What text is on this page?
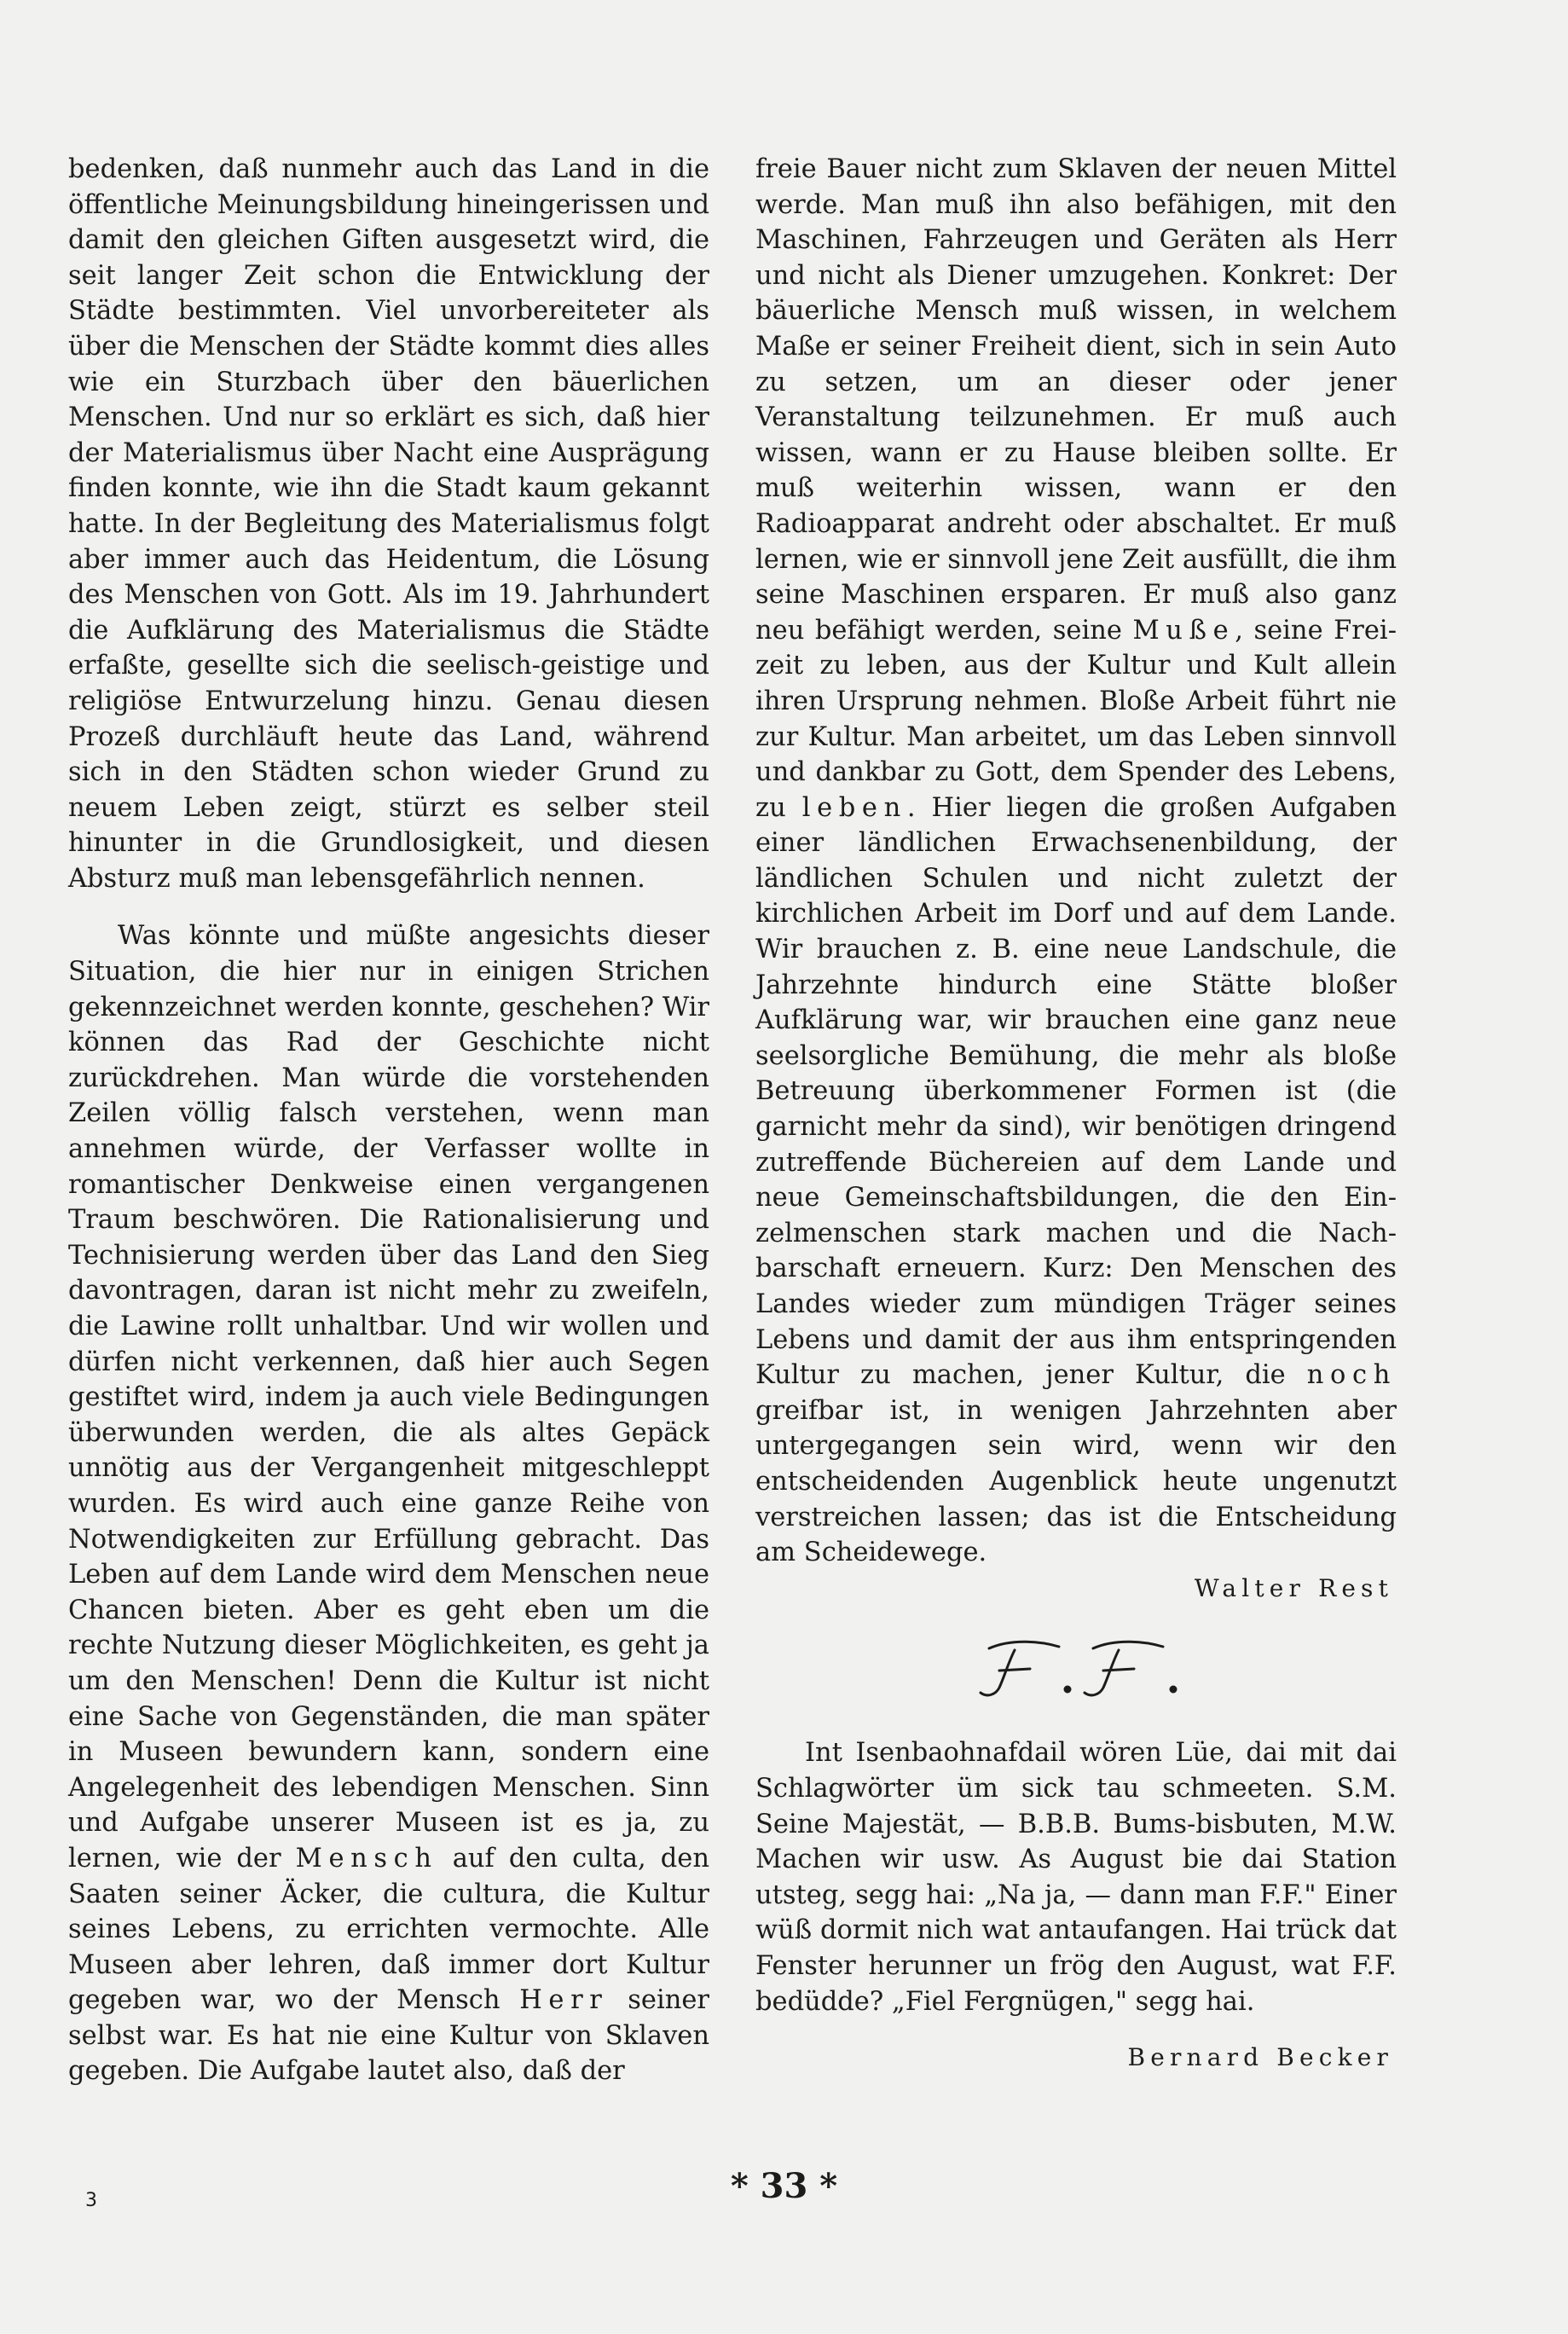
bedenken, daß nunmehr auch das Land in die öffentliche Meinungsbildung hineingerissen und damit den gleichen Giften ausgesetzt wird, die seit langer Zeit schon die Entwicklung der Städte bestimmten. Viel unvorbereiteter als über die Menschen der Städte kommt dies alles wie ein Sturzbach über den bäuerlichen Menschen. Und nur so erklärt es sich, daß hier der Materialismus über Nacht eine Ausprägung finden konnte, wie ihn die Stadt kaum gekannt hatte. In der Begleitung des Materialismus folgt aber immer auch das Heidentum, die Lösung des Menschen von Gott. Als im 19. Jahrhundert die Aufklärung des Materialismus die Städte erfaßte, gesellte sich die seelisch-geistige und religiöse Entwurzelung hinzu. Genau diesen Prozeß durchläuft heute das Land, während sich in den Städten schon wieder Grund zu neuem Leben zeigt, stürzt es selber steil hinunter in die Grundlosigkeit, und diesen Absturz muß man lebensgefährlich nennen.

Was könnte und müßte angesichts dieser Situation, die hier nur in einigen Strichen gekennzeichnet werden konnte, geschehen? Wir können das Rad der Geschichte nicht zurückdrehen. Man würde die vorstehenden Zeilen völlig falsch verstehen, wenn man annehmen würde, der Verfasser wollte in romantischer Denkweise einen vergangenen Traum beschwören. Die Rationalisierung und Technisierung werden über das Land den Sieg davontragen, daran ist nicht mehr zu zweifeln, die Lawine rollt unhaltbar. Und wir wollen und dürfen nicht verkennen, daß hier auch Segen gestiftet wird, indem ja auch viele Bedingungen überwunden werden, die als altes Gepäck unnötig aus der Vergangenheit mitgeschleppt wurden. Es wird auch eine ganze Reihe von Notwendigkeiten zur Erfüllung gebracht. Das Leben auf dem Lande wird dem Menschen neue Chancen bieten. Aber es geht eben um die rechte Nutzung dieser Möglichkeiten, es geht ja um den Menschen! Denn die Kultur ist nicht eine Sache von Gegenständen, die man später in Museen bewundern kann, sondern eine Angelegenheit des lebendigen Menschen. Sinn und Aufgabe unserer Museen ist es ja, zu lernen, wie der Mensch auf den culta, den Saaten seiner Äcker, die cultura, die Kultur seines Lebens, zu errichten vermochte. Alle Museen aber lehren, daß immer dort Kultur gegeben war, wo der Mensch Herr seiner selbst war. Es hat nie eine Kultur von Sklaven gegeben. Die Aufgabe lautet also, daß der

freie Bauer nicht zum Sklaven der neuen Mittel werde. Man muß ihn also befähigen, mit den Maschinen, Fahrzeugen und Geräten als Herr und nicht als Diener umzugehen. Konkret: Der bäuerliche Mensch muß wissen, in welchem Maße er seiner Freiheit dient, sich in sein Auto zu setzen, um an dieser oder jener Veranstaltung teilzunehmen. Er muß auch wissen, wann er zu Hause bleiben sollte. Er muß weiterhin wissen, wann er den Radioapparat andreht oder abschaltet. Er muß lernen, wie er sinnvoll jene Zeit ausfüllt, die ihm seine Maschinen ersparen. Er muß also ganz neu befähigt werden, seine Muße, seine Freizeit zu leben, aus der Kultur und Kult allein ihren Ursprung nehmen. Bloße Arbeit führt nie zur Kultur. Man arbeitet, um das Leben sinnvoll und dankbar zu Gott, dem Spender des Lebens, zu leben. Hier liegen die großen Aufgaben einer ländlichen Erwachsenenbildung, der ländlichen Schulen und nicht zuletzt der kirchlichen Arbeit im Dorf und auf dem Lande. Wir brauchen z. B. eine neue Landschule, die Jahrzehnte hindurch eine Stätte bloßer Aufklärung war, wir brauchen eine ganz neue seelsorgliche Bemühung, die mehr als bloße Betreuung überkommener Formen ist (die garnicht mehr da sind), wir benötigen dringend zutreffende Büchereien auf dem Lande und neue Gemeinschaftsbildungen, die den Einzelmenschen stark machen und die Nachbarschaft erneuern. Kurz: Den Menschen des Landes wieder zum mündigen Träger seines Lebens und damit der aus ihm entspringenden Kultur zu machen, jener Kultur, die noch greifbar ist, in wenigen Jahrzehnten aber untergegangen sein wird, wenn wir den entscheidenden Augenblick heute ungenutzt verstreichen lassen; das ist die Entscheidung am Scheidewege.

Walter Rest

Int Isenbaohnafdail wören Lüe, dai mit dai Schlagwörter üm sick tau schmeeten. S.M. Seine Majestät, — B.B.B. Bums-bisbuten, M.W. Machen wir usw. As August bie dai Station utsteg, segg hai: „Na ja, — dann man F.F." Einer wüß dormit nich wat antaufangen. Hai trück dat Fenster herunner un frög den August, wat F.F. bedüdde? „Fiel Fergnügen," segg hai.

Bernard Becker

3	* 33 *
